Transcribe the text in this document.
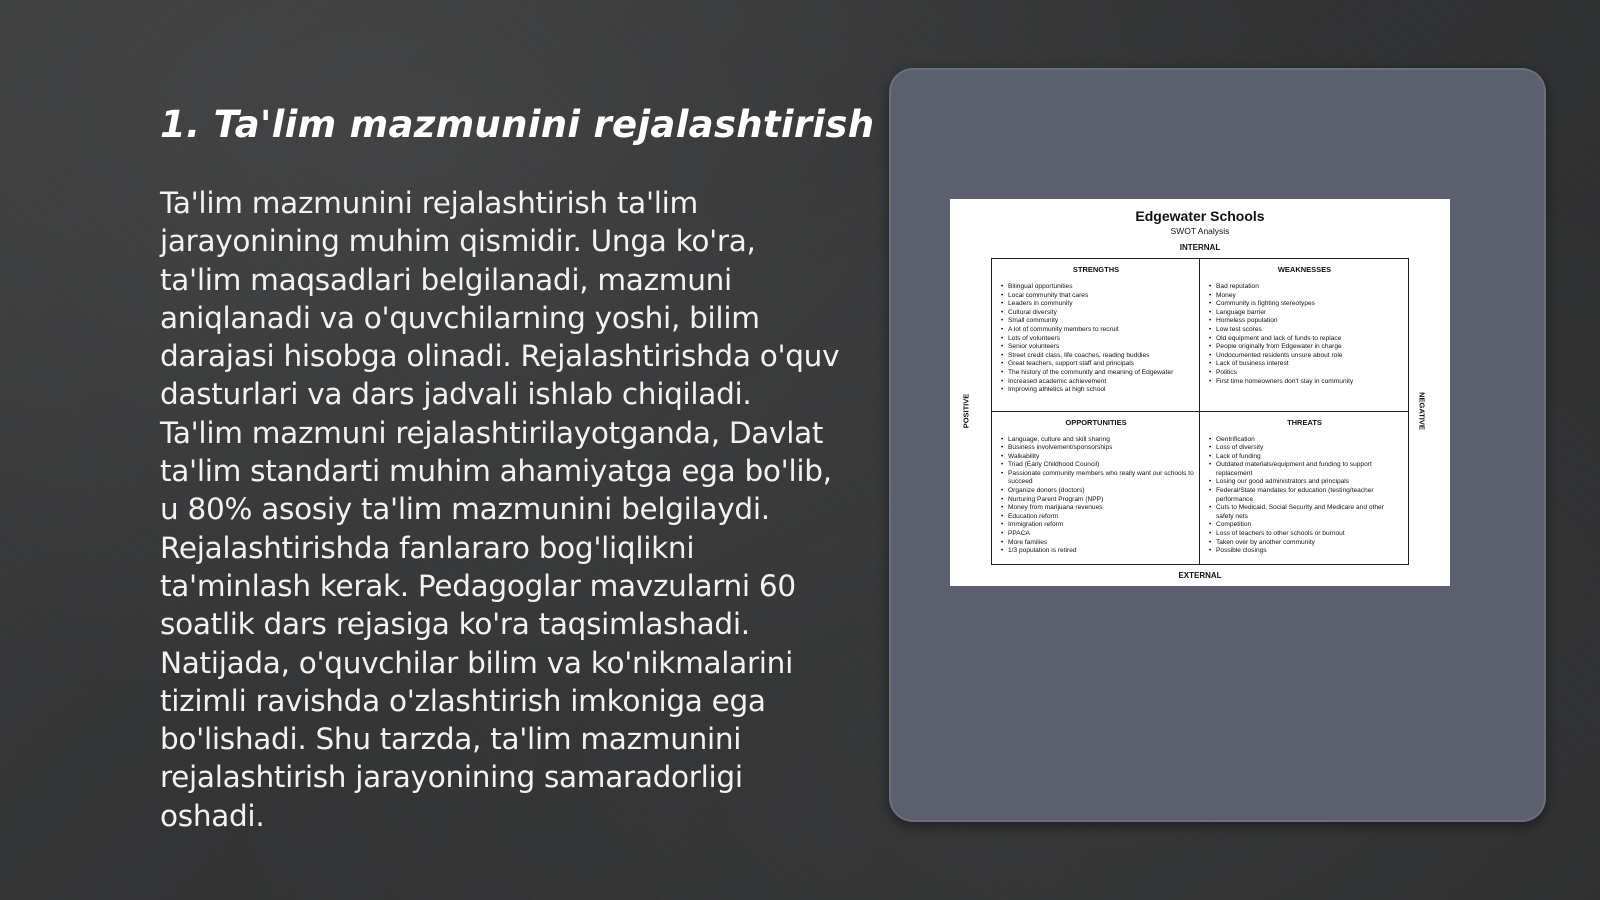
1. Ta'lim mazmunini rejalashtirish

Ta'lim mazmunini rejalashtirish ta'lim jarayonining muhim qismidir. Unga ko'ra, ta'lim maqsadlari belgilanadi, mazmuni aniqlanadi va o'quvchilarning yoshi, bilim darajasi hisobga olinadi. Rejalashtirishda o'quv dasturlari va dars jadvali ishlab chiqiladi. Ta'lim mazmuni rejalashtirilayotganda, Davlat ta'lim standarti muhim ahamiyatga ega bo'lib, u 80% asosiy ta'lim mazmunini belgilaydi. Rejalashtirishda fanlararo bog'liqlikni ta'minlash kerak. Pedagoglar mavzularni 60 soatlik dars rejasiga ko'ra taqsimlashadi. Natijada, o'quvchilar bilim va ko'nikmalarini tizimli ravishda o'zlashtirish imkoniga ega bo'lishadi. Shu tarzda, ta'lim mazmunini rejalashtirish jarayonining samaradorligi oshadi.

Edgewater Schools
SWOT Analysis
INTERNAL
POSITIVE	NEGATIVE
STRENGTHS
• Bilingual opportunities
• Local community that cares
• Leaders in community
• Cultural diversity
• Small community
• A lot of community members to recruit
• Lots of volunteers
• Senior volunteers
• Street credit class, life coaches, reading buddies
• Great teachers, support staff and principals
• The history of the community and meaning of Edgewater
• Increased academic achievement
• Improving athletics at high school
WEAKNESSES
• Bad reputation
• Money
• Community is fighting stereotypes
• Language barrier
• Homeless population
• Low test scores
• Old equipment and lack of funds to replace
• People originally from Edgewater in charge
• Undocumented residents unsure about role
• Lack of business interest
• Politics
• First time homeowners don't stay in community
OPPORTUNITIES
• Language, culture and skill sharing
• Business involvement/sponsorships
• Walkability
• Triad (Early Childhood Council)
• Passionate community members who really want our schools to succeed
• Organize donors (doctors)
• Nurturing Parent Program (NPP)
• Money from marijuana revenues
• Education reform
• Immigration reform
• PPACA
• More families
• 1/3 population is retired
THREATS
• Gentrification
• Loss of diversity
• Lack of funding
• Outdated materials/equipment and funding to support replacement
• Losing our good administrators and principals
• Federal/State mandates for education (testing/teacher performance
• Cuts to Medicaid, Social Security and Medicare and other safety nets
• Competition
• Loss of teachers to other schools or burnout
• Taken over by another community
• Possible closings
EXTERNAL
